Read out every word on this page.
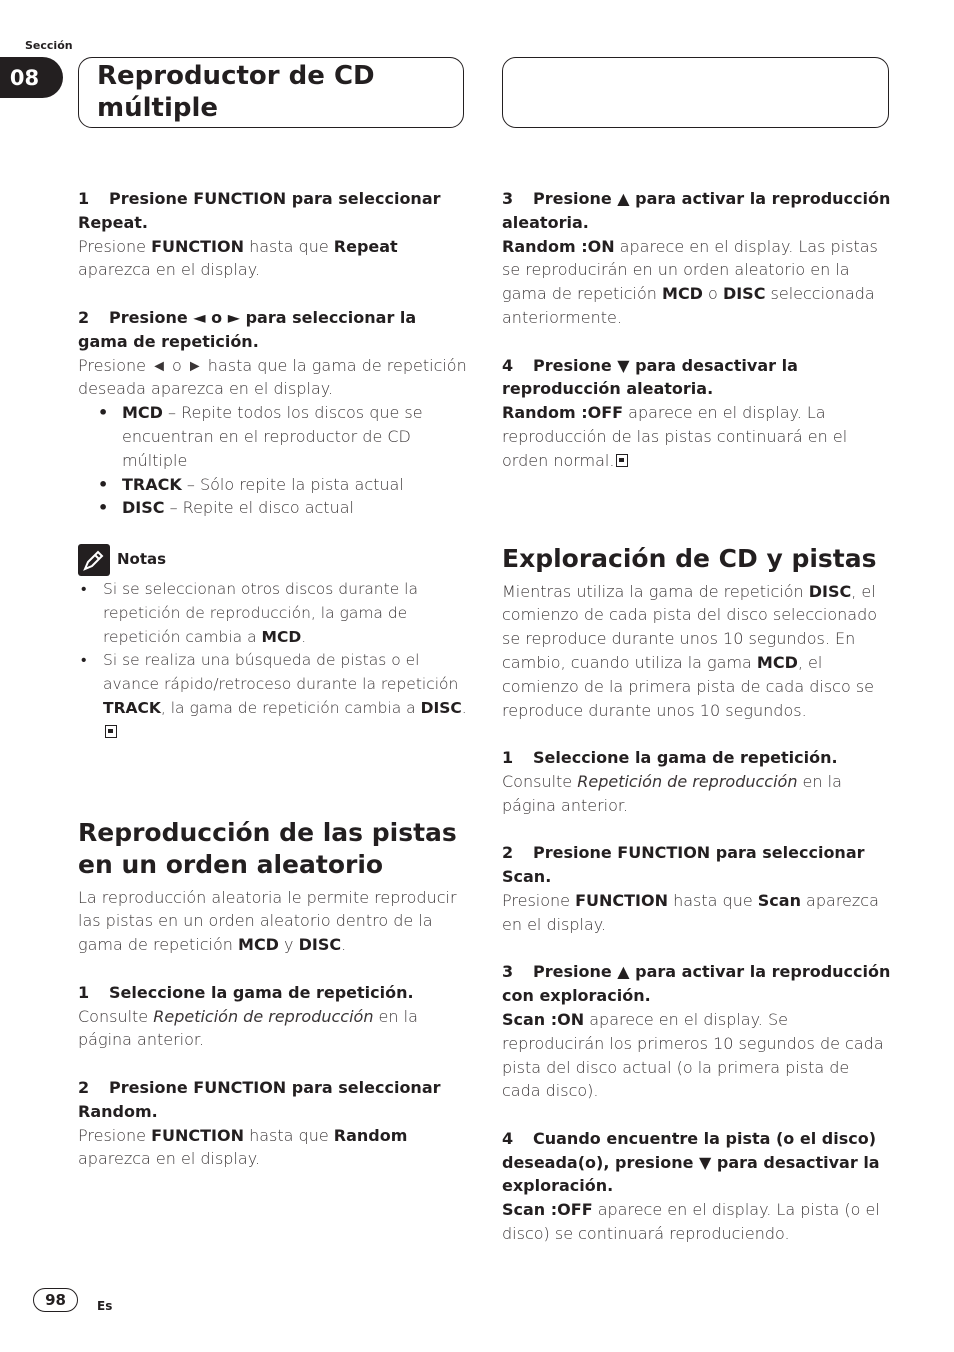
Sección
08	Reproductor de CD múltiple
1 Presione FUNCTION para seleccionar Repeat.
Presione FUNCTION hasta que Repeat aparezca en el display.
2 Presione ◄ o ► para seleccionar la gama de repetición.
Presione ◄ o ► hasta que la gama de repetición deseada aparezca en el display.
• MCD – Repite todos los discos que se encuentran en el reproductor de CD múltiple
• TRACK – Sólo repite la pista actual
• DISC – Repite el disco actual
Notas
• Si se seleccionan otros discos durante la repetición de reproducción, la gama de repetición cambia a MCD.
• Si se realiza una búsqueda de pistas o el avance rápido/retroceso durante la repetición TRACK, la gama de repetición cambia a DISC.
Reproducción de las pistas en un orden aleatorio
La reproducción aleatoria le permite reproducir las pistas en un orden aleatorio dentro de la gama de repetición MCD y DISC.
1 Seleccione la gama de repetición.
Consulte Repetición de reproducción en la página anterior.
2 Presione FUNCTION para seleccionar Random.
Presione FUNCTION hasta que Random aparezca en el display.
3 Presione ▲ para activar la reproducción aleatoria.
Random :ON aparece en el display. Las pistas se reproducirán en un orden aleatorio en la gama de repetición MCD o DISC seleccionada anteriormente.
4 Presione ▼ para desactivar la reproducción aleatoria.
Random :OFF aparece en el display. La reproducción de las pistas continuará en el orden normal.
Exploración de CD y pistas
Mientras utiliza la gama de repetición DISC, el comienzo de cada pista del disco seleccionado se reproduce durante unos 10 segundos. En cambio, cuando utiliza la gama MCD, el comienzo de la primera pista de cada disco se reproduce durante unos 10 segundos.
1 Seleccione la gama de repetición.
Consulte Repetición de reproducción en la página anterior.
2 Presione FUNCTION para seleccionar Scan.
Presione FUNCTION hasta que Scan aparezca en el display.
3 Presione ▲ para activar la reproducción con exploración.
Scan :ON aparece en el display. Se reproducirán los primeros 10 segundos de cada pista del disco actual (o la primera pista de cada disco).
4 Cuando encuentre la pista (o el disco) deseada(o), presione ▼ para desactivar la exploración.
Scan :OFF aparece en el display. La pista (o el disco) se continuará reproduciendo.
98	Es
